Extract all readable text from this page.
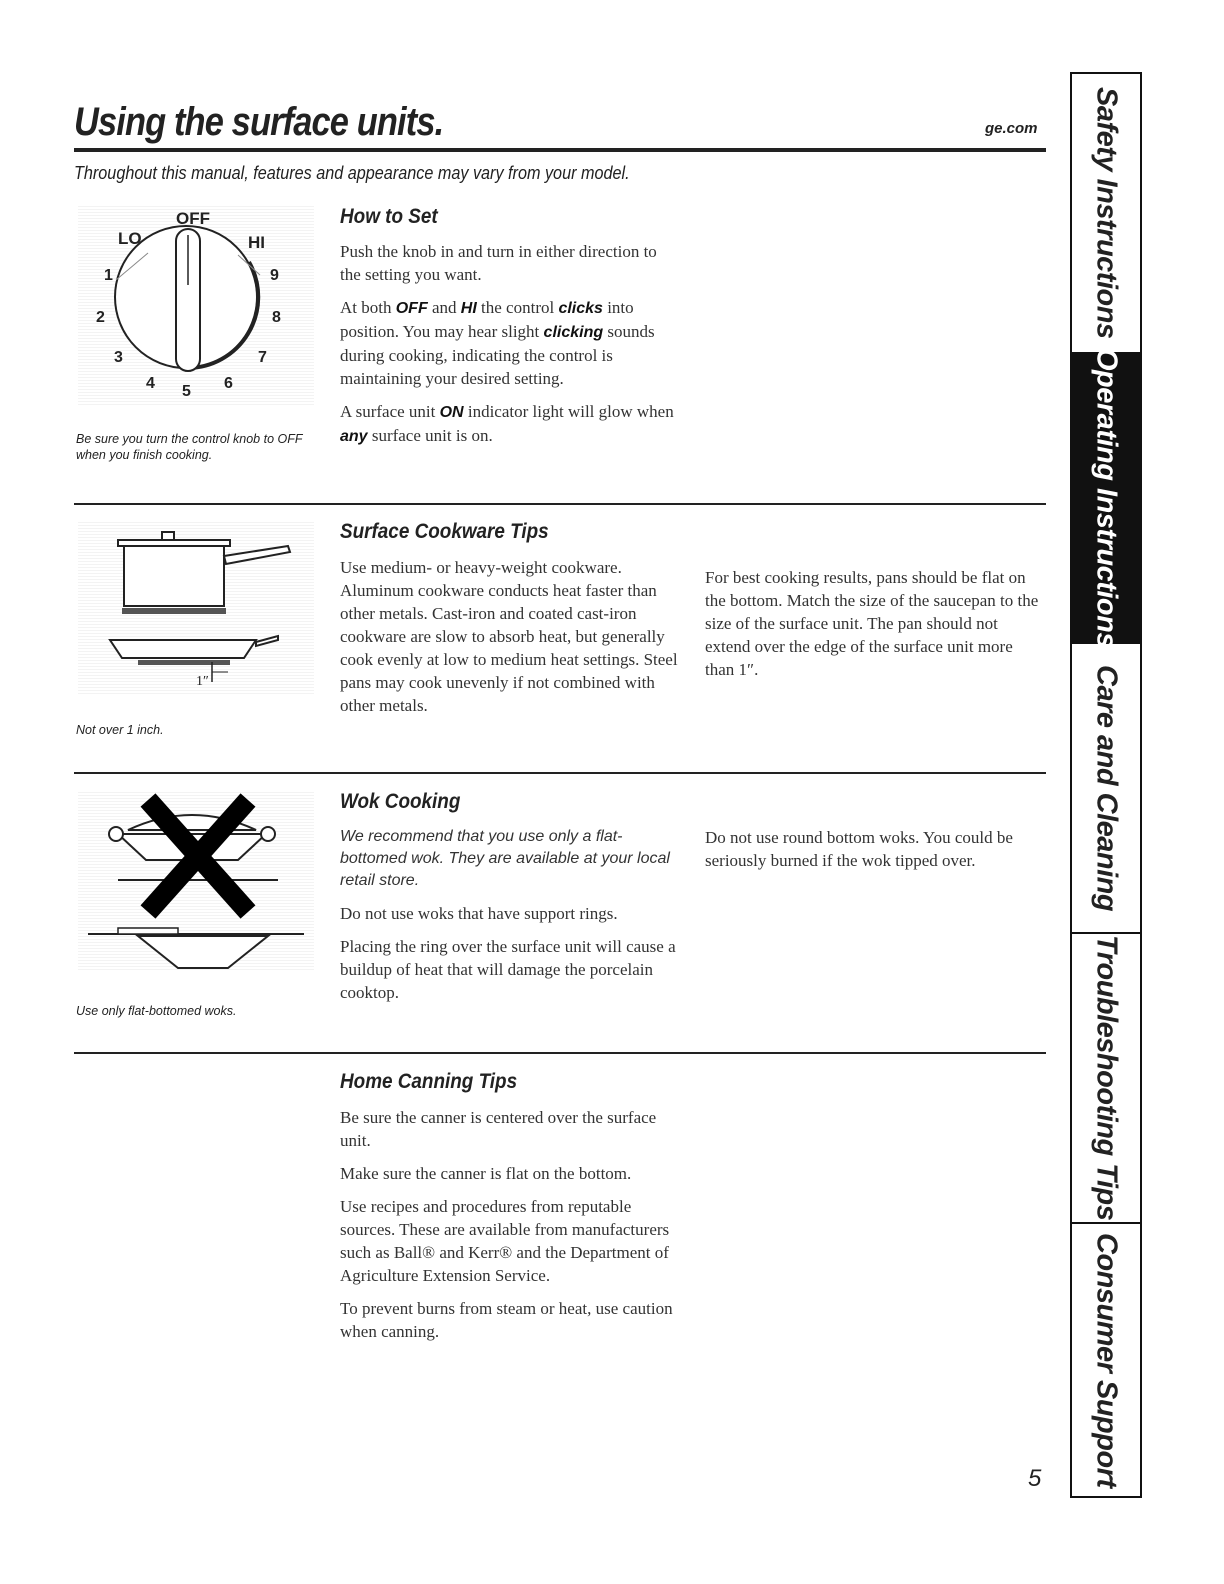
Using the surface units.	ge.com
Throughout this manual, features and appearance may vary from your model.
OFF
LO	HI
1
2
3
4 5 6
7
8
9
Be sure you turn the control knob to OFF when you finish cooking.
How to Set
Push the knob in and turn in either direction to the setting you want.
At both OFF and HI the control clicks into position. You may hear slight clicking sounds during cooking, indicating the control is maintaining your desired setting.
A surface unit ON indicator light will glow when any surface unit is on.
1″
Not over 1 inch.
Surface Cookware Tips
Use medium- or heavy-weight cookware. Aluminum cookware conducts heat faster than other metals. Cast-iron and coated cast-iron cookware are slow to absorb heat, but generally cook evenly at low to medium heat settings. Steel pans may cook unevenly if not combined with other metals.
For best cooking results, pans should be flat on the bottom. Match the size of the saucepan to the size of the surface unit. The pan should not extend over the edge of the surface unit more than 1″.
Use only flat-bottomed woks.
Wok Cooking
We recommend that you use only a flat-bottomed wok. They are available at your local retail store.
Do not use woks that have support rings.
Placing the ring over the surface unit will cause a buildup of heat that will damage the porcelain cooktop.
Do not use round bottom woks. You could be seriously burned if the wok tipped over.
Home Canning Tips
Be sure the canner is centered over the surface unit.
Make sure the canner is flat on the bottom.
Use recipes and procedures from reputable sources. These are available from manufacturers such as Ball® and Kerr® and the Department of Agriculture Extension Service.
To prevent burns from steam or heat, use caution when canning.
Safety Instructions
Operating Instructions
Care and Cleaning
Troubleshooting Tips
Consumer Support
5
